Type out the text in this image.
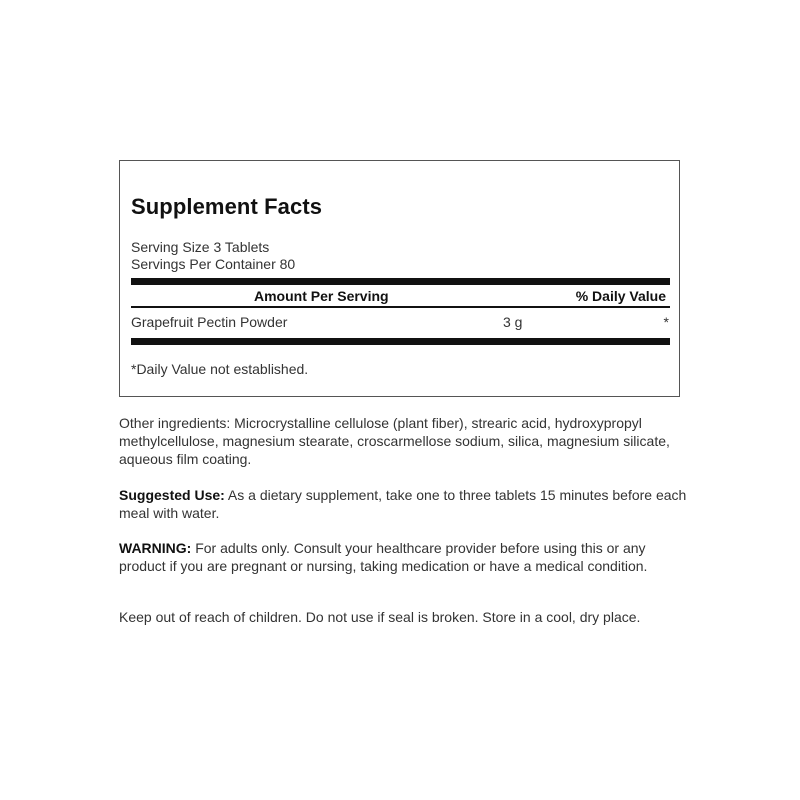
Supplement Facts
Serving Size 3 Tablets
Servings Per Container 80
Amount Per Serving	% Daily Value
Grapefruit Pectin Powder	3 g	*
*Daily Value not established.

Other ingredients: Microcrystalline cellulose (plant fiber), strearic acid, hydroxypropyl methylcellulose, magnesium stearate, croscarmellose sodium, silica, magnesium silicate, aqueous film coating.

Suggested Use: As a dietary supplement, take one to three tablets 15 minutes before each meal with water.

WARNING: For adults only. Consult your healthcare provider before using this or any product if you are pregnant or nursing, taking medication or have a medical condition.

Keep out of reach of children. Do not use if seal is broken. Store in a cool, dry place.
